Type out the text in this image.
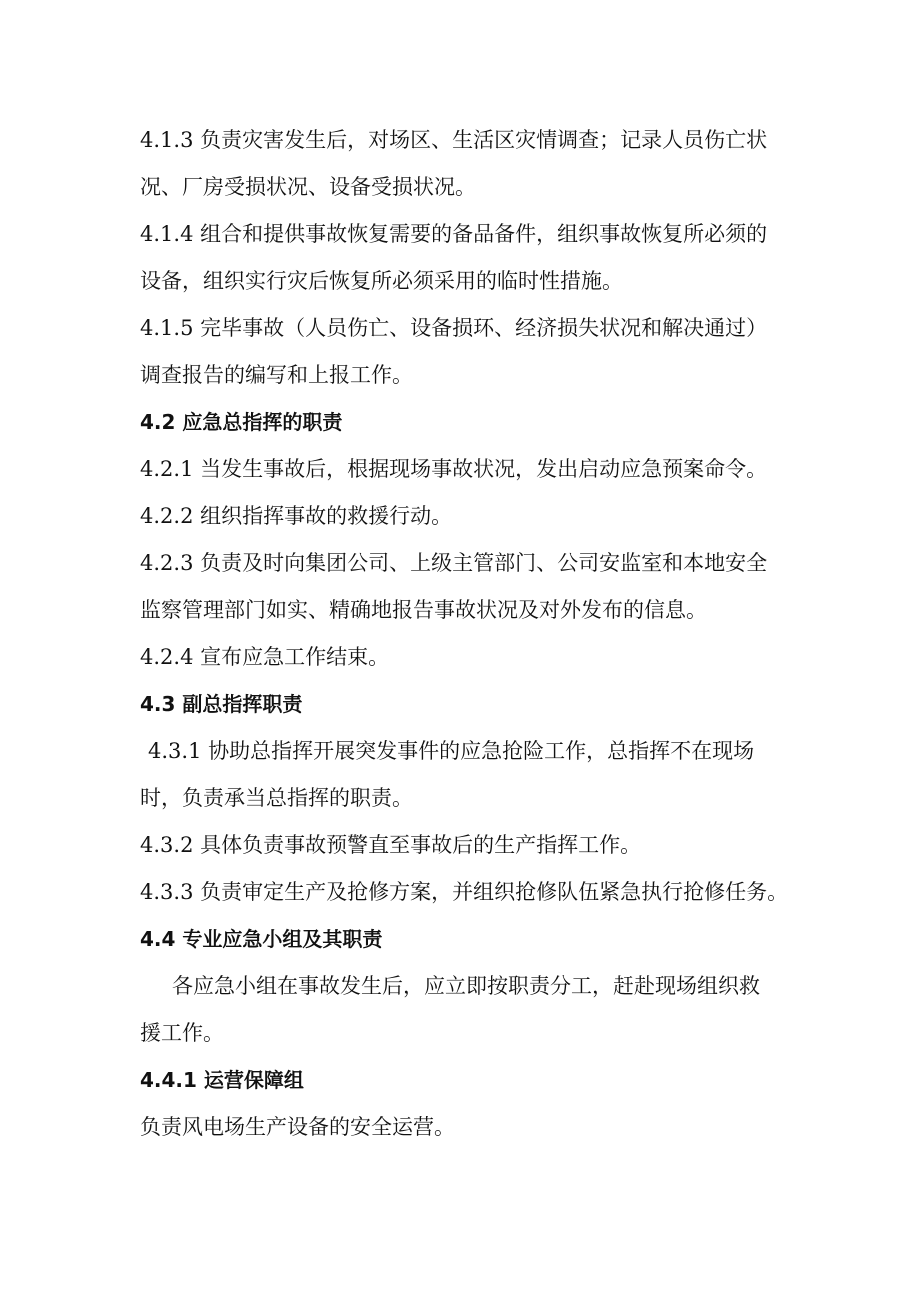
4.1.3 负责灾害发生后，对场区、生活区灾情调查；记录人员伤亡状
况、厂房受损状况、设备受损状况。
4.1.4 组合和提供事故恢复需要的备品备件，组织事故恢复所必须的
设备，组织实行灾后恢复所必须采用的临时性措施。
4.1.5 完毕事故（人员伤亡、设备损环、经济损失状况和解决通过）
调查报告的编写和上报工作。
4.2 应急总指挥的职责
4.2.1 当发生事故后，根据现场事故状况，发出启动应急预案命令。
4.2.2 组织指挥事故的救援行动。
4.2.3 负责及时向集团公司、上级主管部门、公司安监室和本地安全
监察管理部门如实、精确地报告事故状况及对外发布的信息。
4.2.4 宣布应急工作结束。
4.3 副总指挥职责
4.3.1 协助总指挥开展突发事件的应急抢险工作，总指挥不在现场
时，负责承当总指挥的职责。
4.3.2 具体负责事故预警直至事故后的生产指挥工作。
4.3.3 负责审定生产及抢修方案，并组织抢修队伍紧急执行抢修任务。
4.4 专业应急小组及其职责
各应急小组在事故发生后，应立即按职责分工，赶赴现场组织救
援工作。
4.4.1 运营保障组
负责风电场生产设备的安全运营。
